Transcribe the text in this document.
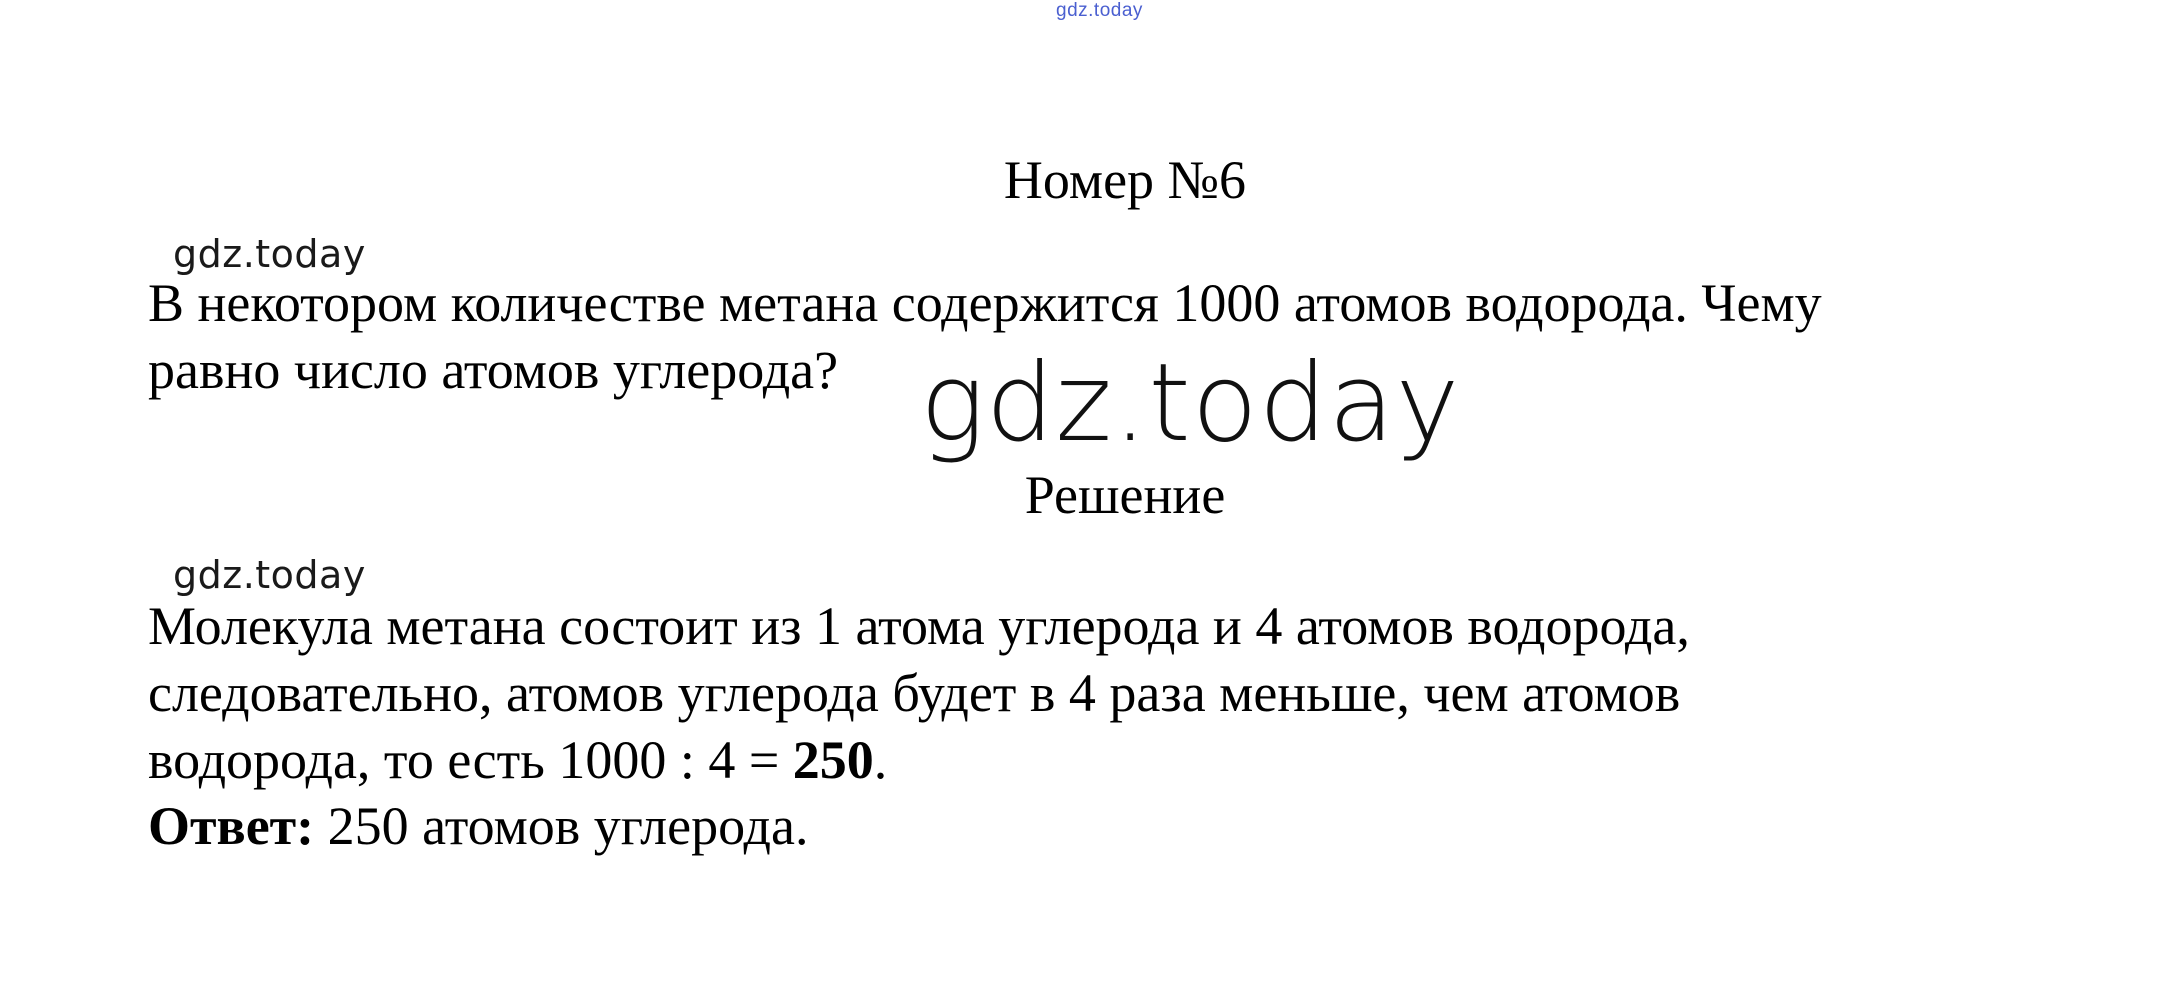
gdz.today
Номер №6
gdz.today
В некотором количестве метана содержится 1000 атомов водорода. Чему
равно число атомов углерода? gdz.today
Решение
gdz.today
Молекула метана состоит из 1 атома углерода и 4 атомов водорода,
следовательно, атомов углерода будет в 4 раза меньше, чем атомов
водорода, то есть 1000 : 4 = 250.
Ответ: 250 атомов углерода.
